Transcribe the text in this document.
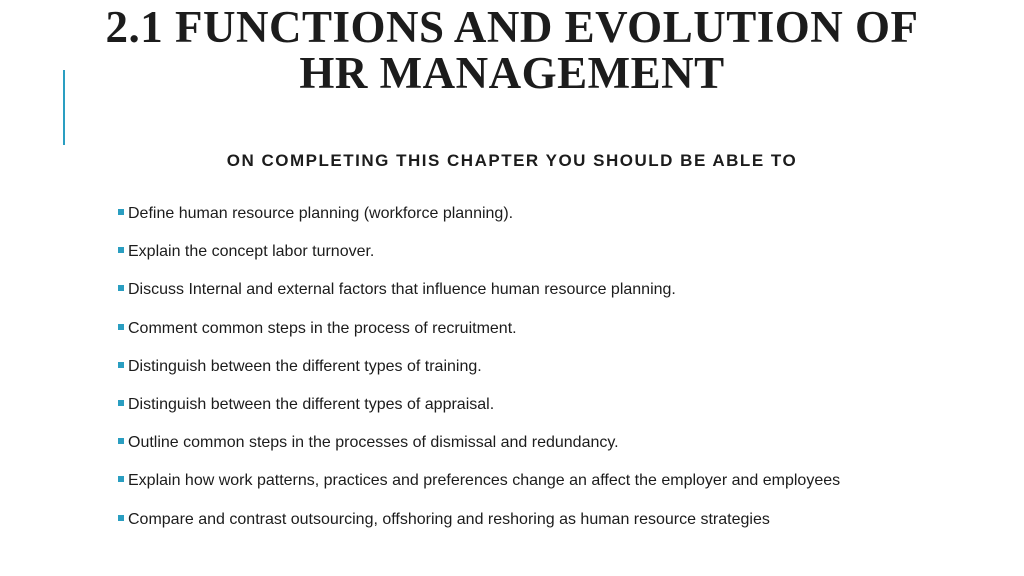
2.1 FUNCTIONS AND EVOLUTION OF
HR MANAGEMENT
ON COMPLETING THIS CHAPTER YOU SHOULD BE ABLE TO
Define human resource planning (workforce planning).
Explain the concept labor turnover.
Discuss Internal and external factors that influence human resource planning.
Comment common steps in the process of recruitment.
Distinguish between the different types of training.
Distinguish between the different types of appraisal.
Outline common steps in the processes of dismissal and redundancy.
Explain how work patterns, practices and preferences change an affect the employer and employees
Compare and contrast outsourcing, offshoring and reshoring as human resource strategies
